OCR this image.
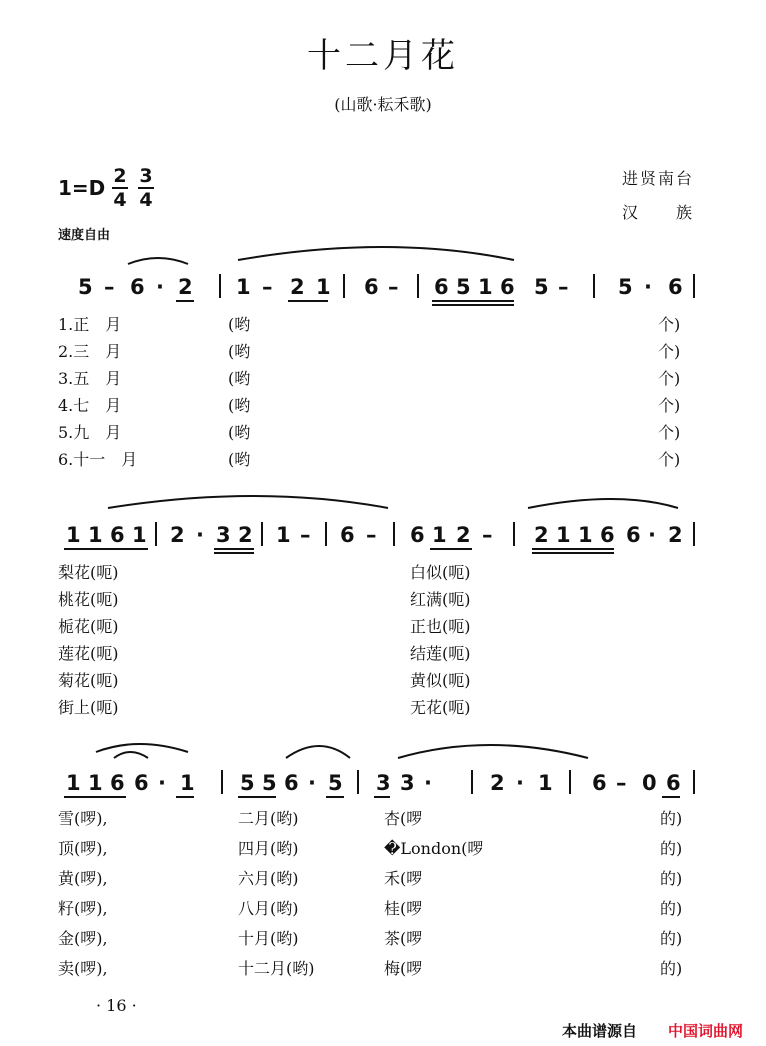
十二月花
(山歌·耘禾歌)
1=D 2
4
3
4
进贤南台
汉　　族
速度自由
5 – 6 · 2 1 – 2 1 6 – 6 5 1 6 5 – 5 · 6
1.正　月	(哟	个)
2.三　月	(哟	个)
3.五　月	(哟	个)
4.七　月	(哟	个)
5.九　月	(哟	个)
6.十一　月	(哟	个)
1 1 6 1 2 · 3 2 1 – 6 – 6 1 2 – 2 1 1 6 6 · 2
梨花(呃)	白似(呃)
桃花(呃)	红满(呃)
栀花(呃)	正也(呃)
莲花(呃)	结莲(呃)
菊花(呃)	黄似(呃)
街上(呃)	无花(呃)
1 1 6 6 · 1 5 5 6 · 5 3 3 ·	2 · 1 6 – 0 6
雪(啰),	二月(哟)	杏(啰	的)
顶(啰),	四月(哟)	�London(啰	的)
黄(啰),	六月(哟)	禾(啰	的)
籽(啰),	八月(哟)	桂(啰	的)
金(啰),	十月(哟)	茶(啰	的)
卖(啰),	十二月(哟)	梅(啰	的)
· 16 ·
本曲谱源自 中国词曲网
